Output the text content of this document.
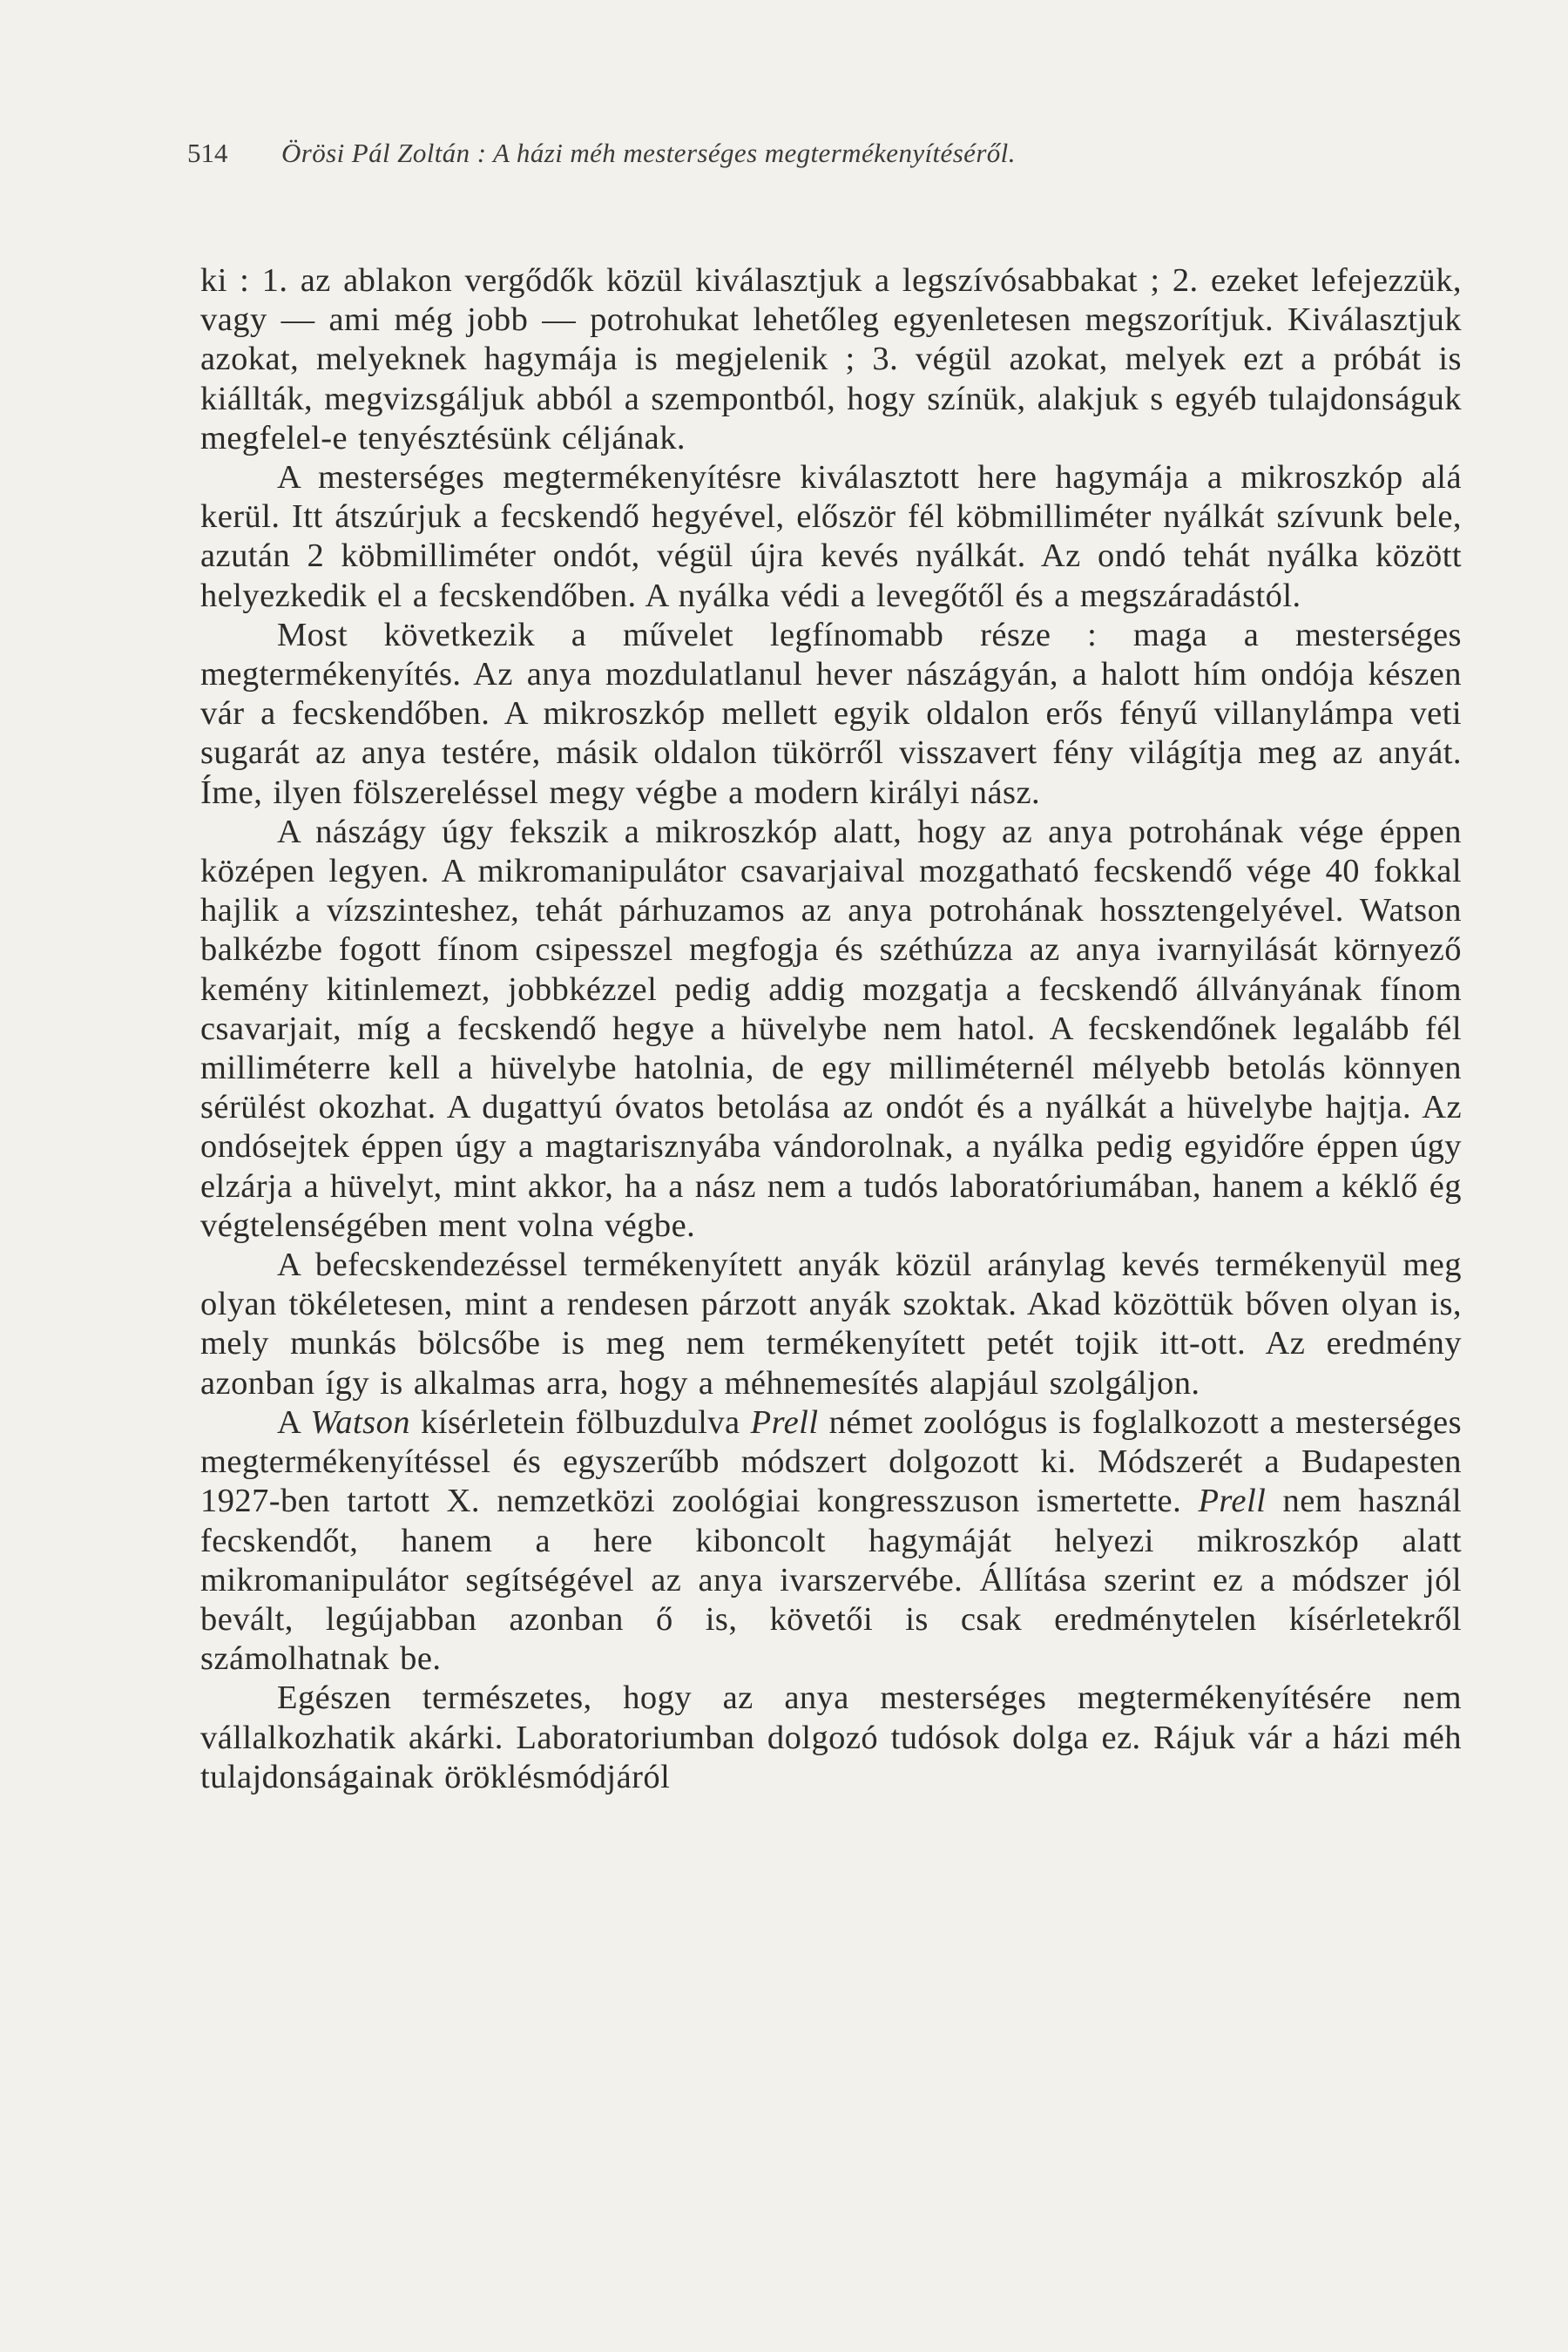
514 Örösi Pál Zoltán : A házi méh mesterséges megtermékenyítéséről.

ki : 1. az ablakon vergődők közül kiválasztjuk a legszívósabbakat ; 2. ezeket lefejezzük, vagy — ami még jobb — potrohukat lehetőleg egyenletesen megszorítjuk. Kiválasztjuk azokat, melyeknek hagymája is megjelenik ; 3. végül azokat, melyek ezt a próbát is kiállták, megvizsgáljuk abból a szempontból, hogy színük, alakjuk s egyéb tulajdonságuk megfelel-e tenyésztésünk céljának.

A mesterséges megtermékenyítésre kiválasztott here hagymája a mikroszkóp alá kerül. Itt átszúrjuk a fecskendő hegyével, először fél köbmilliméter nyálkát szívunk bele, azután 2 köbmilliméter ondót, végül újra kevés nyálkát. Az ondó tehát nyálka között helyezkedik el a fecskendőben. A nyálka védi a levegőtől és a megszáradástól.

Most következik a művelet legfínomabb része : maga a mesterséges megtermékenyítés. Az anya mozdulatlanul hever nászágyán, a halott hím ondója készen vár a fecskendőben. A mikroszkóp mellett egyik oldalon erős fényű villanylámpa veti sugarát az anya testére, másik oldalon tükörről visszavert fény világítja meg az anyát. Íme, ilyen fölszereléssel megy végbe a modern királyi nász.

A nászágy úgy fekszik a mikroszkóp alatt, hogy az anya potrohának vége éppen középen legyen. A mikromanipulátor csavarjaival mozgatható fecskendő vége 40 fokkal hajlik a vízszinteshez, tehát párhuzamos az anya potrohának hossztengelyével. Watson balkézbe fogott fínom csipesszel megfogja és széthúzza az anya ivarnyilását környező kemény kitinlemezt, jobbkézzel pedig addig mozgatja a fecskendő állványának fínom csavarjait, míg a fecskendő hegye a hüvelybe nem hatol. A fecskendőnek legalább fél milliméterre kell a hüvelybe hatolnia, de egy milliméternél mélyebb betolás könnyen sérülést okozhat. A dugattyú óvatos betolása az ondót és a nyálkát a hüvelybe hajtja. Az ondósejtek éppen úgy a magtarisznyába vándorolnak, a nyálka pedig egyidőre éppen úgy elzárja a hüvelyt, mint akkor, ha a nász nem a tudós laboratóriumában, hanem a kéklő ég végtelenségében ment volna végbe.

A befecskendezéssel termékenyített anyák közül aránylag kevés termékenyül meg olyan tökéletesen, mint a rendesen párzott anyák szoktak. Akad közöttük bőven olyan is, mely munkás bölcsőbe is meg nem termékenyített petét tojik itt-ott. Az eredmény azonban így is alkalmas arra, hogy a méhnemesítés alapjául szolgáljon.

A Watson kísérletein fölbuzdulva Prell német zoológus is foglalkozott a mesterséges megtermékenyítéssel és egyszerűbb módszert dolgozott ki. Módszerét a Budapesten 1927-ben tartott X. nemzetközi zoológiai kongresszuson ismertette. Prell nem használ fecskendőt, hanem a here kiboncolt hagymáját helyezi mikroszkóp alatt mikromanipulátor segítségével az anya ivarszervébe. Állítása szerint ez a módszer jól bevált, legújabban azonban ő is, követői is csak eredménytelen kísérletekről számolhatnak be.

Egészen természetes, hogy az anya mesterséges megtermékenyítésére nem vállalkozhatik akárki. Laboratoriumban dolgozó tudósok dolga ez. Rájuk vár a házi méh tulajdonságainak öröklésmódjáról
